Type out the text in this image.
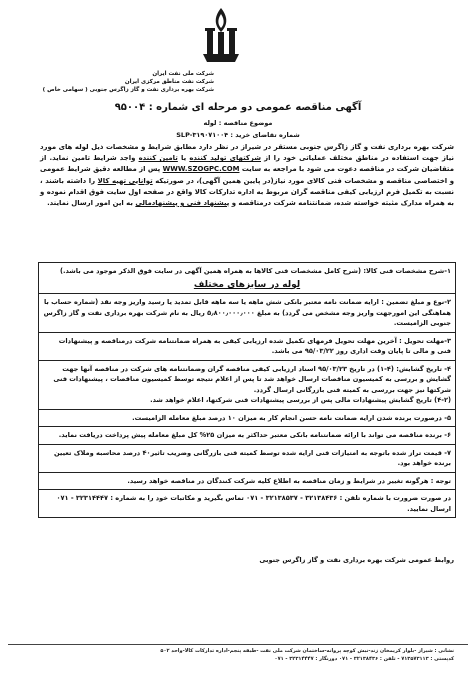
شرکت ملی نفت ایران
شرکت نفت مناطق مرکزی ایران
شرکت بهره برداری نفت و گاز زاگرس جنوبی ( سهامی خاص )
آگهی مناقصه عمومی دو مرحله ای شماره : ۹۵۰۰۴
موضوع مناقصه : لوله
شماره تقاضای خرید : SLP-۳۱۹۰۷۱۰۰۴

شرکت بهره برداری نفت و گاز زاگرس جنوبی مستقر در شیراز در نظر دارد مطابق شرایط و مشخصات ذیل لوله های مورد نیاز جهت استفاده در مناطق مختلف عملیاتی خود را از شرکتهای تولید کننده یا تامین کننده واجد شرایط تامین نماید. از متقاضیان شرکت در مناقصه دعوت می شود با مراجعه به سایت WWW.SZOGPC.COM پس از مطالعه دقیق شرایط عمومی و اختصاصی مناقصه و مشخصات فنی کالای مورد نیاز(در پایین همین آگهی)، در صورتیکه توانایی تهیه کالا را داشته باشند ، نسبت به تکمیل فرم ارزیابی کیفی مناقصه گران مربوط به اداره تدارکات کالا واقع در صفحه اول سایت فوق اقدام نموده و به همراه مدارک مثبته خواسته شده، ضمانتنامه شرکت درمناقصه و پیشنهاد فنی و پیشنهادمالی به این امور ارسال نمایند.

۱-شرح مشخصات فنی کالا: (شرح کامل مشخصات فنی کالاها به همراه همین آگهی در سایت فوق الذکر موجود می باشد.)
لوله در سایزهای مختلف

۲-نوع و مبلغ تضمین : ارایه ضمانت نامه معتبر بانکی شش ماهه یا سه ماهه قابل تمدید یا رسید واریز وجه نقد (شماره حساب با هماهنگی این امورجهت واریز وجه مشخص می گردد) به مبلغ ۵٫۸۰۰٫۰۰۰٫۰۰۰ ریال به نام شرکت بهره برداری نفت و گاز زاگرس جنوبی الزامیست.
۳-مهلت تحویل : آخرین مهلت تحویل فرمهای تکمیل شده ارزیابی کیفی به همراه ضمانتنامه شرکت درمناقصه و پیشنهادات فنی و مالی تا پایان وقت اداری روز ۹۵/۰۳/۲۲ می باشد.

۴- تاریخ گشایش: (۴-۱) در تاریخ ۹۵/۰۳/۲۳ اسناد ارزیابی کیفی مناقصه گران وضمانتنامه های شرکت در مناقصه آنها جهت گشایش و بررسی به کمیسیون مناقصات ارسال خواهد شد تا پس از اعلام نتیجه توسط کمیسیون مناقصات ، پیشنهادات فنی شرکتها نیز جهت بررسی به کمیته فنی بازرگانی ارسال گردد.
(۴-۲) تاریخ گشایش پیشنهادات مالی پس از بررسی پیشنهادات فنی شرکتها، اعلام خواهد شد.

۵- درصورت برنده شدن ارایه ضمانت نامه حسن انجام کار به میزان ۱۰ درصد مبلغ معامله الزامیست.
۶- برنده مناقصه می تواند با ارائه ضمانتنامه بانکی معتبر حداکثر به میزان ۲۵% کل مبلغ معامله پیش پرداخت دریافت نماید.
۷- قیمت تراز شده باتوجه به امتیازات فنی ارایه شده توسط کمیته فنی بازرگانی وضریب تاثیر۴۰ درصد محاسبه وملاک تعیین برنده خواهد بود.
توجه : هرگونه تغییر در شرایط و زمان مناقصه به اطلاع کلیه شرکت کنندگان در مناقصه خواهد رسید.
در صورت ضرورت با شماره تلفن : ۳۲۱۳۸۴۳۶ - ۳۲۱۳۸۵۳۷ - ۰۷۱ تماس بگیرید و مکاتبات خود را به شماره : ۳۲۳۱۴۴۴۷ - ۰۷۱ ارسال نمایید.
روابط عمومی شرکت بهره برداری نفت و گاز زاگرس جنوبی
نشانی : شیراز -بلوار کریمخان زند-نبش کوچه پروانه-ساختمان شرکت ملی نفت -طبقه پنجم-اداره تدارکات کالا-واحد ۵۰۲
کدپستی : ۷۱۳۵۷۳۱۱۳ - تلفن : ۳۲۱۳۸۴۳۶ - ۰۷۱ دورنگار : ۳۲۳۱۴۴۴۷ - ۰۷۱
